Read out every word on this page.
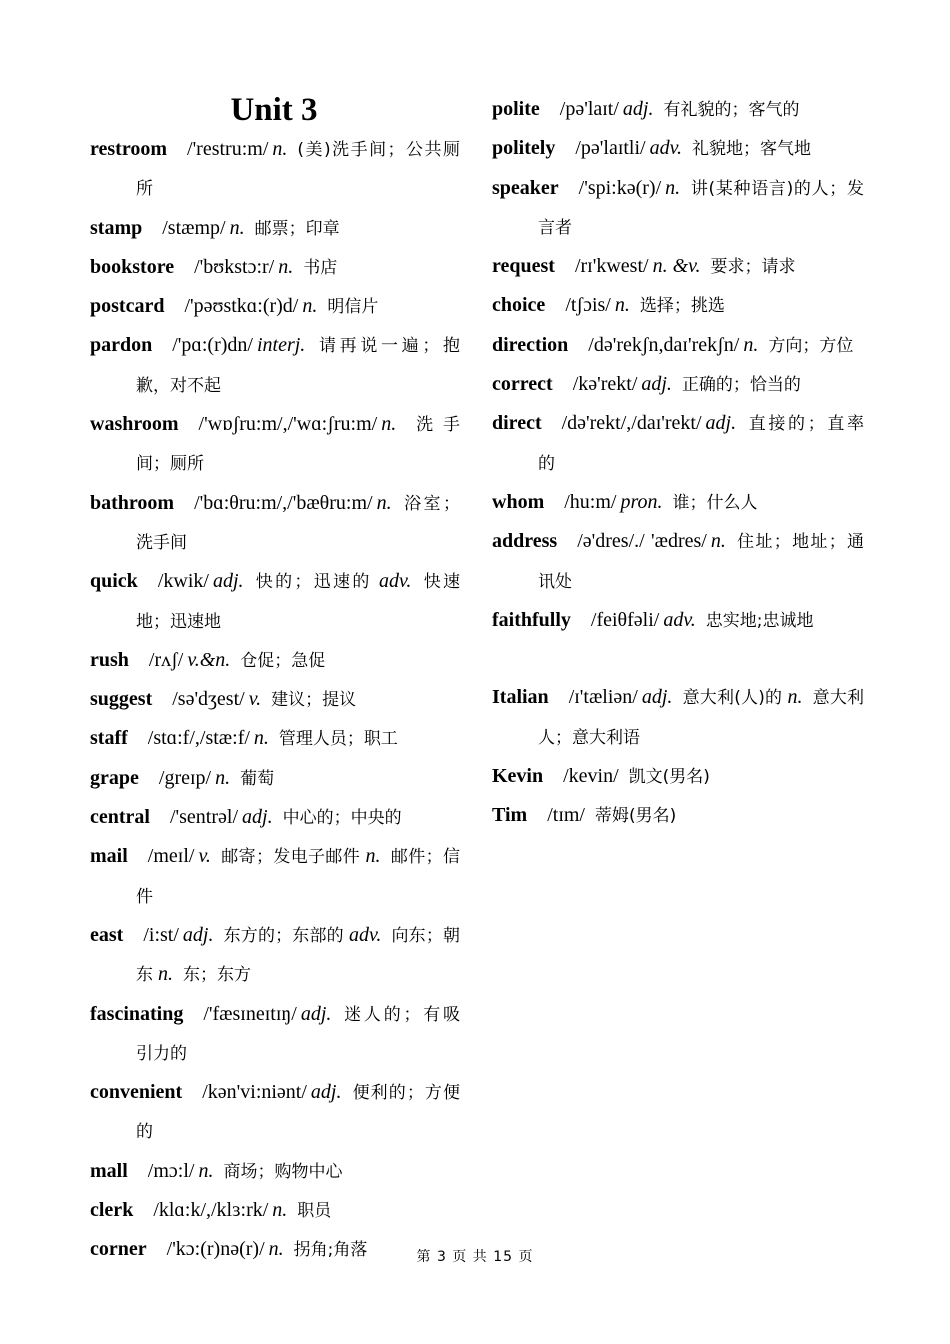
Unit 3
restroom /'restru:m/ n. (美)洗手间；公共厕所
stamp /stæmp/ n. 邮票；印章
bookstore /'bʊkstɔ:r/ n. 书店
postcard /'pəʊstkɑ:(r)d/ n. 明信片
pardon /'pɑ:(r)dn/ interj. 请再说一遍；抱歉，对不起
washroom /'wɒʃru:m/,/'wɑ:ʃru:m/ n. 洗手间；厕所
bathroom /'bɑ:θru:m/,/'bæθru:m/ n. 浴室；洗手间
quick /kwik/ adj. 快的；迅速的 adv. 快速地；迅速地
rush /rʌʃ/ v.&n. 仓促；急促
suggest /sə'dʒest/ v. 建议；提议
staff /stɑ:f/,/stæ:f/ n. 管理人员；职工
grape /greɪp/ n. 葡萄
central /'sentrəl/ adj. 中心的；中央的
mail /meɪl/ v. 邮寄；发电子邮件 n. 邮件；信件
east /i:st/ adj. 东方的；东部的 adv. 向东；朝东 n. 东；东方
fascinating /'fæsɪneɪtɪŋ/ adj. 迷人的；有吸引力的
convenient /kən'vi:niənt/ adj. 便利的；方便的
mall /mɔ:l/ n. 商场；购物中心
clerk /klɑ:k/,/klɜ:rk/ n. 职员
corner /'kɔ:(r)nə(r)/ n. 拐角;角落
polite /pə'laɪt/ adj. 有礼貌的；客气的
politely /pə'laɪtli/ adv. 礼貌地；客气地
speaker /'spi:kə(r)/ n. 讲(某种语言)的人；发言者
request /rɪ'kwest/ n. &v. 要求；请求
choice /tʃɔis/ n. 选择；挑选
direction /də'rekʃn,daɪ'rekʃn/ n. 方向；方位
correct /kə'rekt/ adj. 正确的；恰当的
direct /də'rekt/,/daɪ'rekt/ adj. 直接的；直率的
whom /hu:m/ pron. 谁；什么人
address /ə'dres/./ 'ædres/ n. 住址；地址；通讯处
faithfully /feiθfəli/ adv. 忠实地;忠诚地
Italian /ɪ'tæliən/ adj. 意大利(人)的 n. 意大利人；意大利语
Kevin /kevin/ 凯文(男名)
Tim /tɪm/ 蒂姆(男名)
第 3 页 共 15 页
